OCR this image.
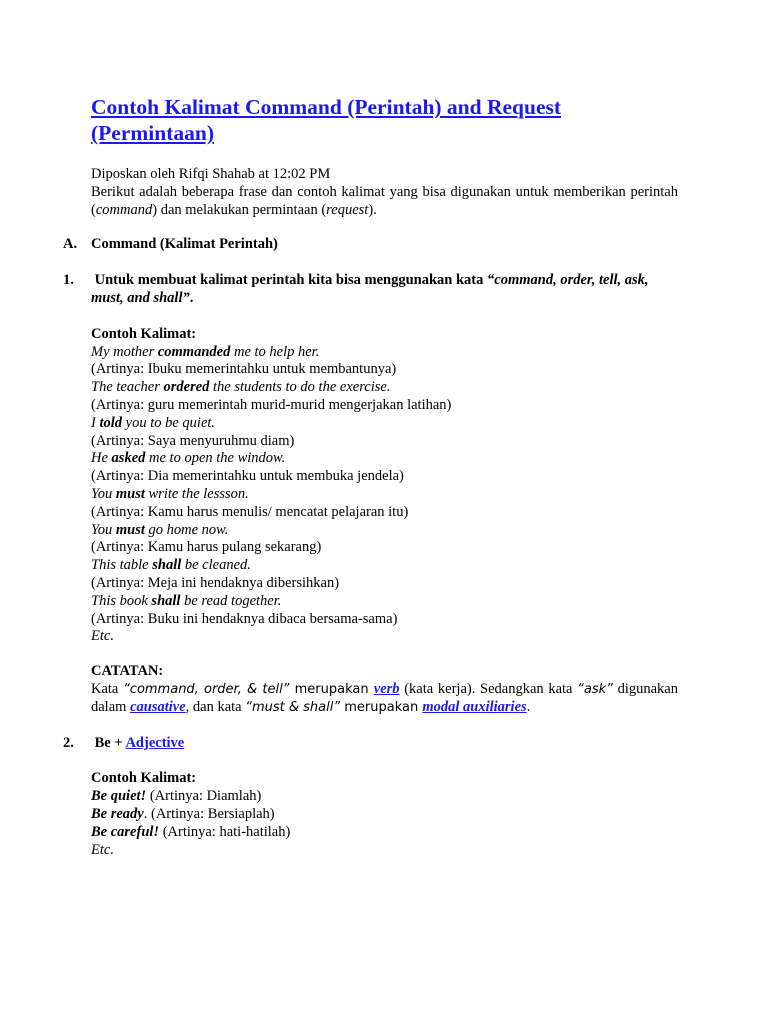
Contoh Kalimat Command (Perintah) and Request (Permintaan)

Diposkan oleh Rifqi Shahab at 12:02 PM

Berikut adalah beberapa frase dan contoh kalimat yang bisa digunakan untuk memberikan perintah (command) dan melakukan permintaan (request).

A. Command (Kalimat Perintah)

1. Untuk membuat kalimat perintah kita bisa menggunakan kata “command, order, tell, ask, must, and shall”.

Contoh Kalimat:

My mother commanded me to help her.

(Artinya: Ibuku memerintahku untuk membantunya)

The teacher ordered the students to do the exercise.

(Artinya: guru memerintah murid-murid mengerjakan latihan)

I told you to be quiet.

(Artinya: Saya menyuruhmu diam)

He asked me to open the window.

(Artinya: Dia memerintahku untuk membuka jendela)

You must write the lessson.

(Artinya: Kamu harus menulis/ mencatat pelajaran itu)

You must go home now.

(Artinya: Kamu harus pulang sekarang)

This table shall be cleaned.

(Artinya: Meja ini hendaknya dibersihkan)

This book shall be read together.

(Artinya: Buku ini hendaknya dibaca bersama-sama)

Etc.

CATATAN:

Kata “command, order, & tell” merupakan verb (kata kerja). Sedangkan kata “ask” digunakan dalam causative, dan kata “must & shall” merupakan modal auxiliaries.

2. Be + Adjective

Contoh Kalimat:

Be quiet! (Artinya: Diamlah)

Be ready. (Artinya: Bersiaplah)

Be careful! (Artinya: hati-hatilah)

Etc.
